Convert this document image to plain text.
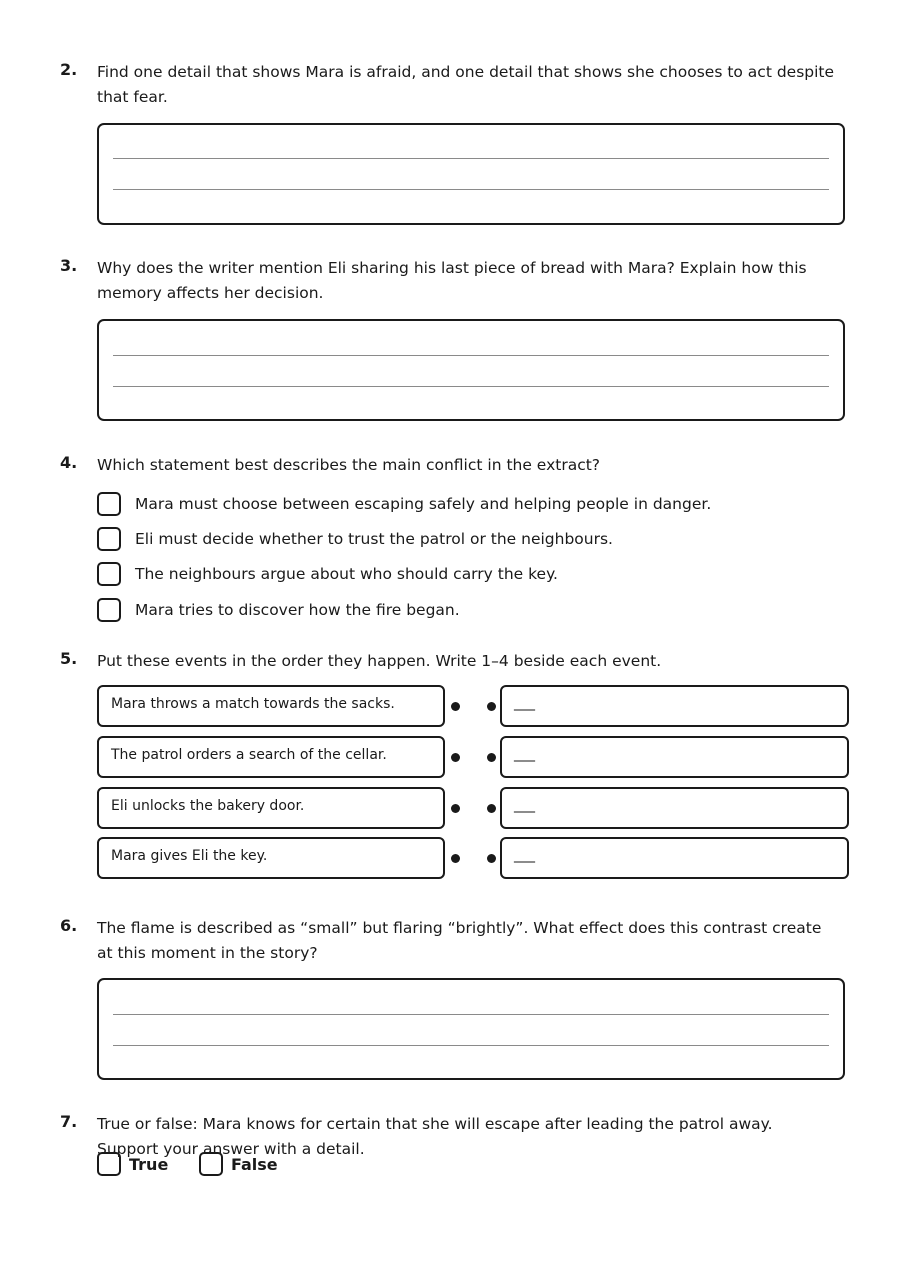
2. Find one detail that shows Mara is afraid, and one detail that shows she chooses to act despite that fear.
3. Why does the writer mention Eli sharing his last piece of bread with Mara? Explain how this memory affects her decision.
4. Which statement best describes the main conflict in the extract?
Mara must choose between escaping safely and helping people in danger.
Eli must decide whether to trust the patrol or the neighbours.
The neighbours argue about who should carry the key.
Mara tries to discover how the fire began.
5. Put these events in the order they happen. Write 1–4 beside each event.
Mara throws a match towards the sacks.	___
The patrol orders a search of the cellar.	___
Eli unlocks the bakery door.	___
Mara gives Eli the key.	___
6. The flame is described as “small” but flaring “brightly”. What effect does this contrast create at this moment in the story?
7. True or false: Mara knows for certain that she will escape after leading the patrol away. Support your answer with a detail.
True	False
